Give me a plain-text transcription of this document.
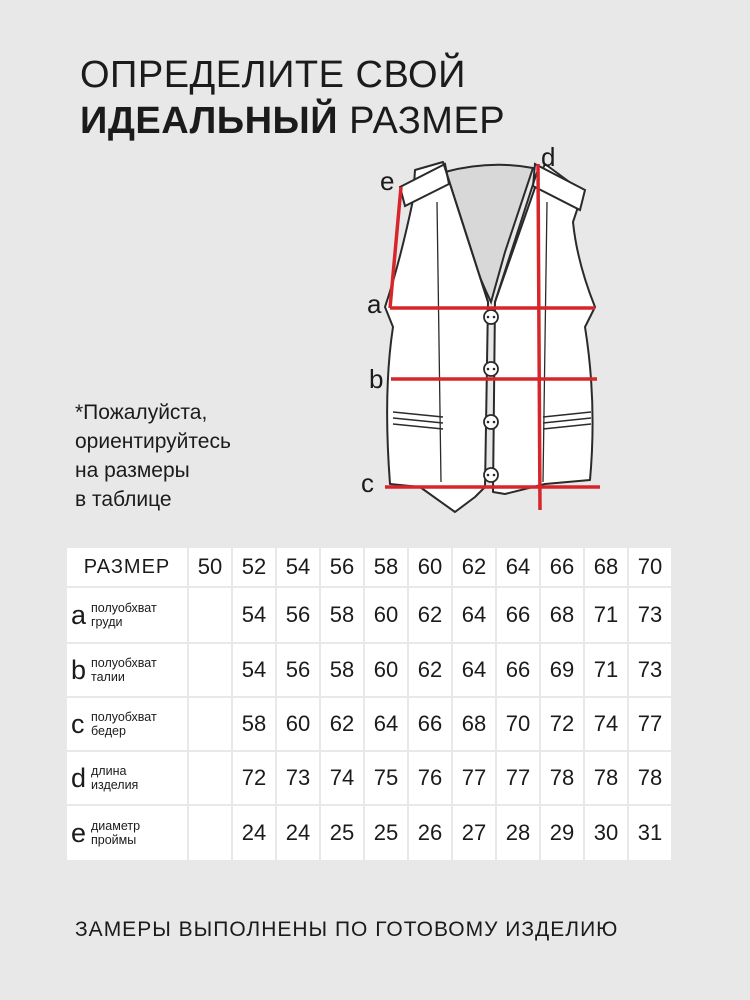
ОПРЕДЕЛИТЕ СВОЙ
ИДЕАЛЬНЫЙ РАЗМЕР
e
d
a
b
c
*Пожалуйста,
ориентируйтесь
на размеры
в таблице
РАЗМЕР	50	52	54	56	58	60	62	64	66	68	70
a полуобхват
груди		54	56	58	60	62	64	66	68	71	73
b полуобхват
талии		54	56	58	60	62	64	66	69	71	73
c полуобхват
бедер		58	60	62	64	66	68	70	72	74	77
d длина
изделия		72	73	74	75	76	77	77	78	78	78
e диаметр
проймы		24	24	25	25	26	27	28	29	30	31
ЗАМЕРЫ ВЫПОЛНЕНЫ ПО ГОТОВОМУ ИЗДЕЛИЮ
